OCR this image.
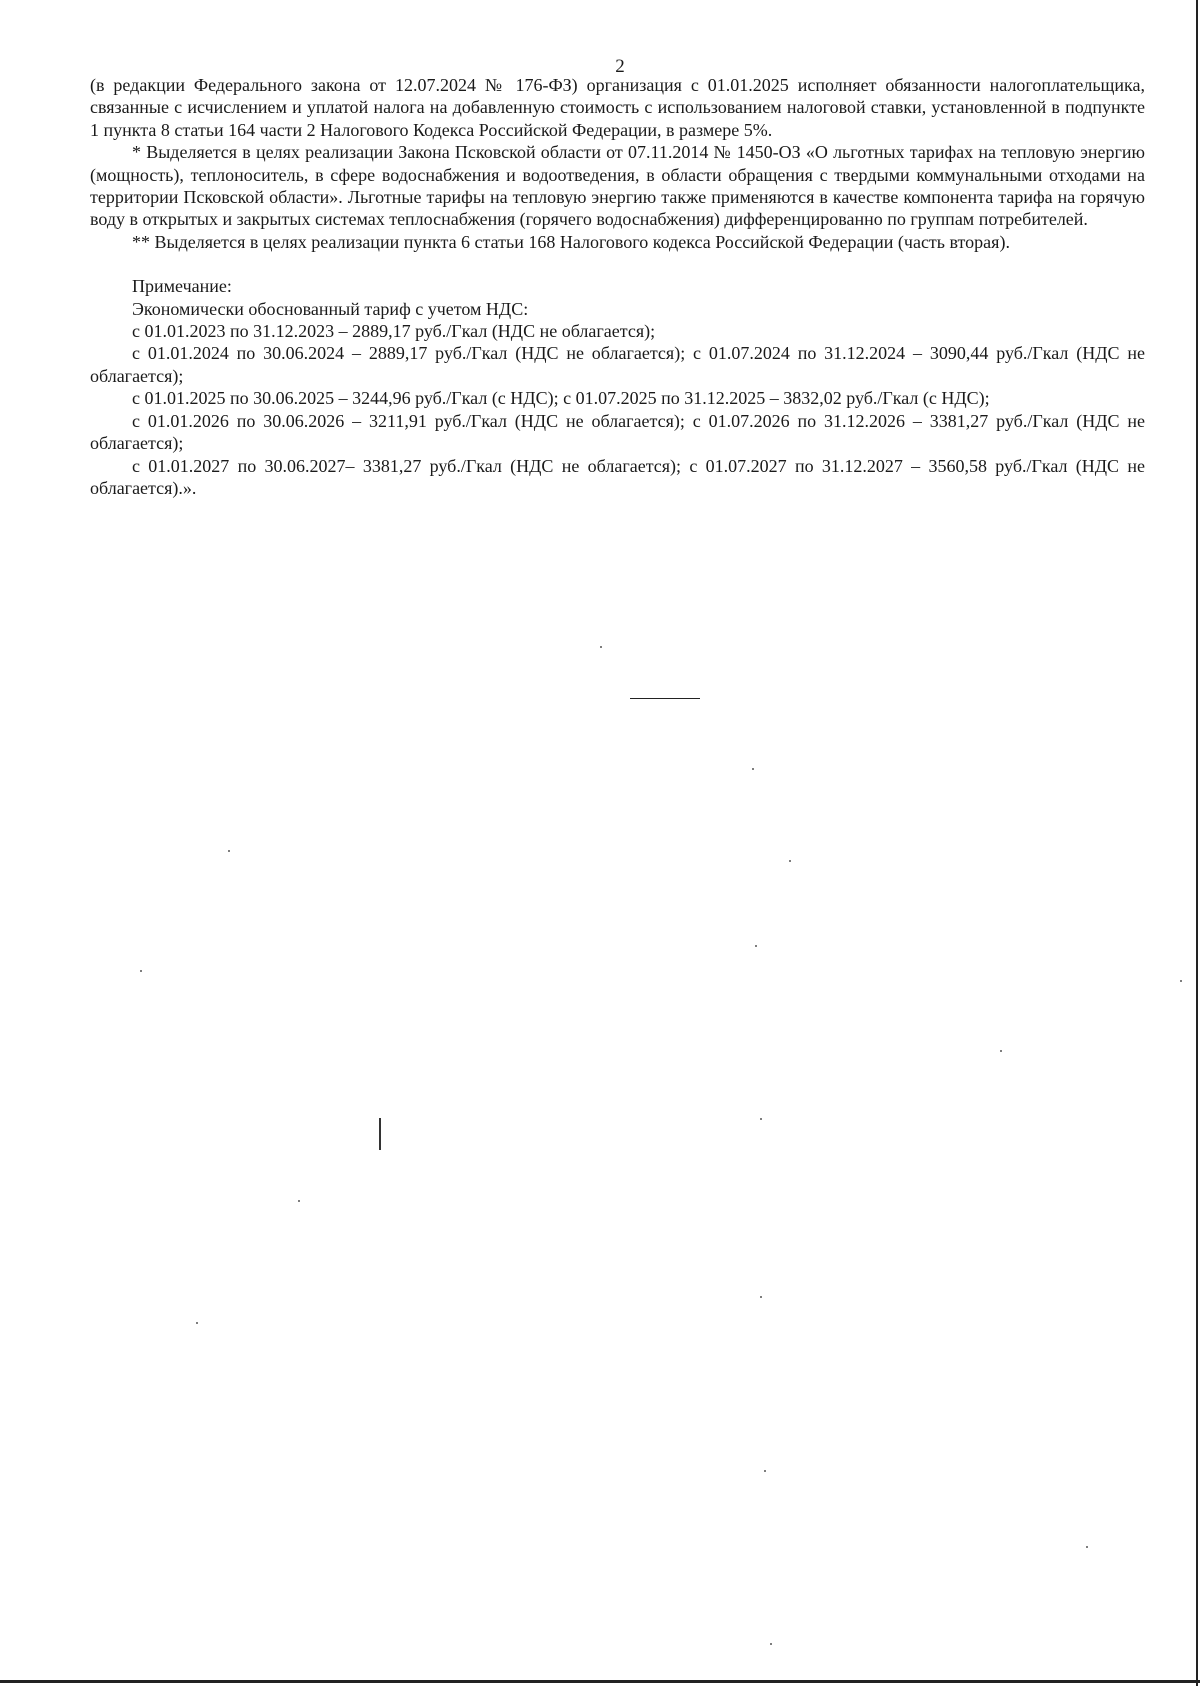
2

(в редакции Федерального закона от 12.07.2024 № 176-ФЗ) организация с 01.01.2025 исполняет обязанности налогоплательщика, связанные с исчислением и уплатой налога на добавленную стоимость с использованием налоговой ставки, установленной в подпункте 1 пункта 8 статьи 164 части 2 Налогового Кодекса Российской Федерации, в размере 5%.

* Выделяется в целях реализации Закона Псковской области от 07.11.2014 № 1450-ОЗ «О льготных тарифах на тепловую энергию (мощность), теплоноситель, в сфере водоснабжения и водоотведения, в области обращения с твердыми коммунальными отходами на территории Псковской области». Льготные тарифы на тепловую энергию также применяются в качестве компонента тарифа на горячую воду в открытых и закрытых системах теплоснабжения (горячего водоснабжения) дифференцированно по группам потребителей.

** Выделяется в целях реализации пункта 6 статьи 168 Налогового кодекса Российской Федерации (часть вторая).

Примечание:

Экономически обоснованный тариф с учетом НДС:

с 01.01.2023 по 31.12.2023 – 2889,17 руб./Гкал (НДС не облагается);

с 01.01.2024 по 30.06.2024 – 2889,17 руб./Гкал (НДС не облагается); с 01.07.2024 по 31.12.2024 – 3090,44 руб./Гкал (НДС не облагается);

с 01.01.2025 по 30.06.2025 – 3244,96 руб./Гкал (с НДС); с 01.07.2025 по 31.12.2025 – 3832,02 руб./Гкал (с НДС);

с 01.01.2026 по 30.06.2026 – 3211,91 руб./Гкал (НДС не облагается); с 01.07.2026 по 31.12.2026 – 3381,27 руб./Гкал (НДС не облагается);

с 01.01.2027 по 30.06.2027– 3381,27 руб./Гкал (НДС не облагается); с 01.07.2027 по 31.12.2027 – 3560,58 руб./Гкал (НДС не облагается).».
